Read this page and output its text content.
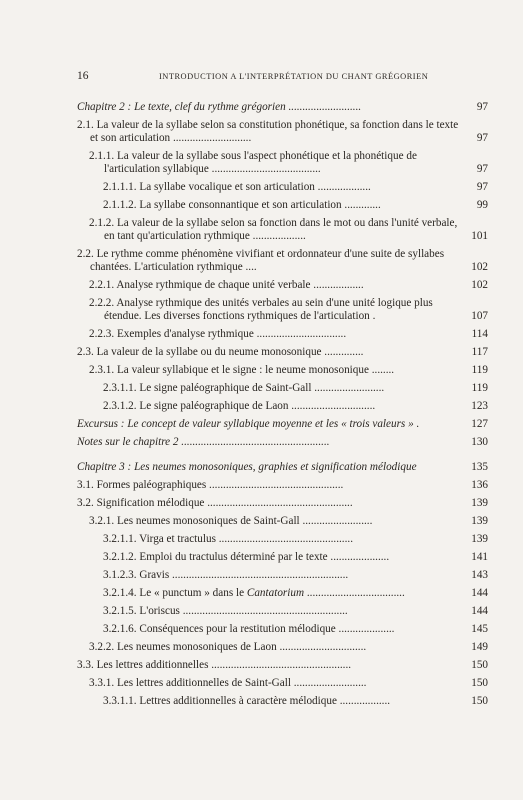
16	INTRODUCTION A L'INTERPRÉTATION DU CHANT GRÉGORIEN
Chapitre 2 : Le texte, clef du rythme grégorien ..........................	97
2.1. La valeur de la syllabe selon sa constitution phonétique, sa fonction dans le texte et son articulation ............................	97
2.1.1. La valeur de la syllabe sous l'aspect phonétique et la phonétique de l'articulation syllabique .......................................	97
2.1.1.1. La syllabe vocalique et son articulation ...................	97
2.1.1.2. La syllabe consonnantique et son articulation .............	99
2.1.2. La valeur de la syllabe selon sa fonction dans le mot ou dans l'unité verbale, en tant qu'articulation rythmique ...................	101
2.2. Le rythme comme phénomène vivifiant et ordonnateur d'une suite de syllabes chantées. L'articulation rythmique ....	102
2.2.1. Analyse rythmique de chaque unité verbale ..................	102
2.2.2. Analyse rythmique des unités verbales au sein d'une unité logique plus étendue. Les diverses fonctions rythmiques de l'articulation .	107
2.2.3. Exemples d'analyse rythmique ................................	114
2.3. La valeur de la syllabe ou du neume monosonique ..............	117
2.3.1. La valeur syllabique et le signe : le neume monosonique ........	119
2.3.1.1. Le signe paléographique de Saint-Gall .........................	119
2.3.1.2. Le signe paléographique de Laon ..............................	123
Excursus : Le concept de valeur syllabique moyenne et les « trois valeurs » .	127
Notes sur le chapitre 2 .....................................................	130
Chapitre 3 : Les neumes monosoniques, graphies et signification mélodique	135
3.1. Formes paléographiques ................................................	136
3.2. Signification mélodique ....................................................	139
3.2.1. Les neumes monosoniques de Saint-Gall .........................	139
3.2.1.1. Virga et tractulus ................................................	139
3.2.1.2. Emploi du tractulus déterminé par le texte .....................	141
3.1.2.3. Gravis ...............................................................	143
3.2.1.4. Le « punctum » dans le Cantatorium ...................................	144
3.2.1.5. L'oriscus ...........................................................	144
3.2.1.6. Conséquences pour la restitution mélodique ....................	145
3.2.2. Les neumes monosoniques de Laon ...............................	149
3.3. Les lettres additionnelles ..................................................	150
3.3.1. Les lettres additionnelles de Saint-Gall ..........................	150
3.3.1.1. Lettres additionnelles à caractère mélodique ..................	150
